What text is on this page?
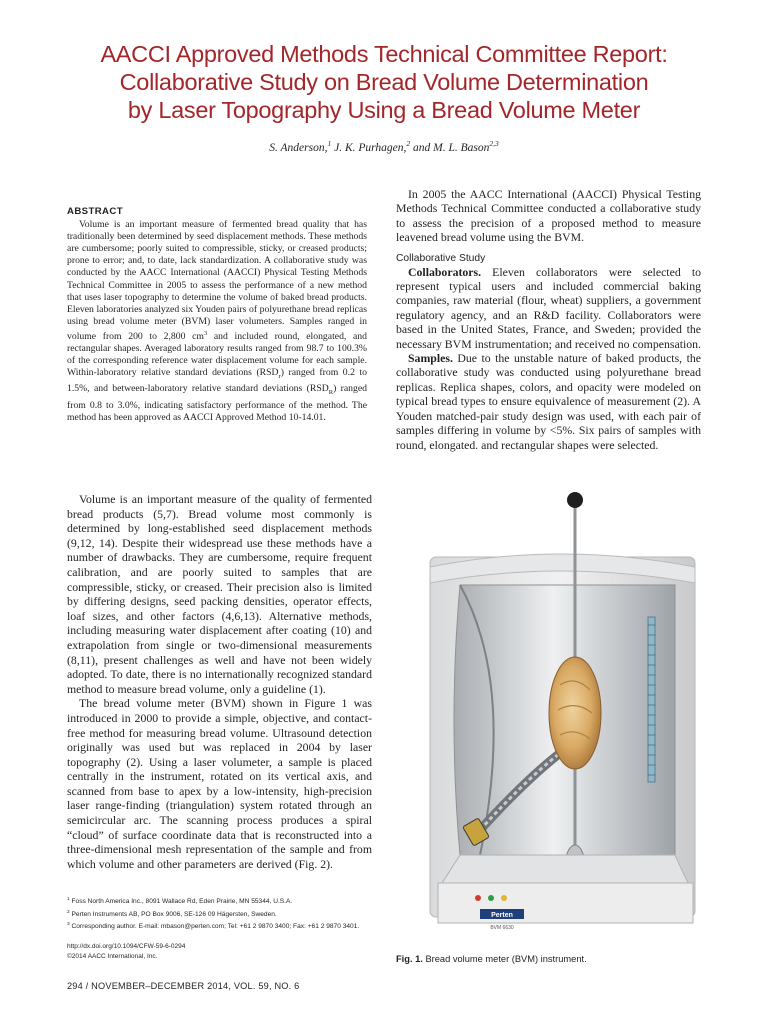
AACCI Approved Methods Technical Committee Report:
Collaborative Study on Bread Volume Determination
by Laser Topography Using a Bread Volume Meter
S. Anderson,$^1$ J. K. Purhagen,$^2$ and M. L. Bason$^{2,3}$
ABSTRACT
Volume is an important measure of fermented bread quality that has traditionally been determined by seed displacement methods. These methods are cumbersome; poorly suited to compressible, sticky, or creased products; prone to error; and, to date, lack standardization. A collaborative study was conducted by the AACC International (AACCI) Physical Testing Methods Technical Committee in 2005 to assess the performance of a new method that uses laser topography to determine the volume of baked bread products. Eleven laboratories analyzed six Youden pairs of polyurethane bread replicas using bread volume meter (BVM) laser volumeters. Samples ranged in volume from 200 to 2,800 $cm^3$ and included round, elongated, and rectangular shapes. Averaged laboratory results ranged from 98.7 to 100.3% of the corresponding reference water displacement volume for each sample. Within-laboratory relative standard deviations $(RSD_r)$ ranged from 0.2 to 1.5%, and between-laboratory relative standard deviations $(RSD_R)$ ranged from 0.8 to 3.0%, indicating satisfactory performance of the method. The method has been approved as AACCI Approved Method 10-14.01.

Volume is an important measure of the quality of fermented bread products (5,7). Bread volume most commonly is determined by long-established seed displacement methods (9,12, 14). Despite their widespread use these methods have a number of drawbacks. They are cumbersome, require frequent calibration, and are poorly suited to samples that are compressible, sticky, or creased. Their precision also is limited by differing designs, seed packing densities, operator effects, loaf sizes, and other factors (4,6,13). Alternative methods, including measuring water displacement after coating (10) and extrapolation from single or two-dimensional measurements (8,11), present challenges as well and have not been widely adopted. To date, there is no internationally recognized standard method to measure bread volume, only a guideline (1).

The bread volume meter (BVM) shown in Figure 1 was introduced in 2000 to provide a simple, objective, and contact-free method for measuring bread volume. Ultrasound detection originally was used but was replaced in 2004 by laser topography (2). Using a laser volumeter, a sample is placed centrally in the instrument, rotated on its vertical axis, and scanned from base to apex by a low-intensity, high-precision laser range-finding (triangulation) system rotated through an semicircular arc. The scanning process produces a spiral “cloud” of surface coordinate data that is reconstructed into a three-dimensional mesh representation of the sample and from which volume and other parameters are derived (Fig. 2).

In 2005 the AACC International (AACCI) Physical Testing Methods Technical Committee conducted a collaborative study to assess the precision of a proposed method to measure leavened bread volume using the BVM.

Collaborative Study

Collaborators. Eleven collaborators were selected to represent typical users and included commercial baking companies, raw material (flour, wheat) suppliers, a government regulatory agency, and an R&D facility. Collaborators were based in the United States, France, and Sweden; provided the necessary BVM instrumentation; and received no compensation.

Samples. Due to the unstable nature of baked products, the collaborative study was conducted using polyurethane bread replicas. Replica shapes, colors, and opacity were modeled on typical bread types to ensure equivalence of measurement (2). A Youden matched-pair study design was used, with each pair of samples differing in volume by <5%. Six pairs of samples with round, elongated. and rectangular shapes were selected.

Perten
BVM 6630
Fig. 1. Bread volume meter (BVM) instrument.
$^1$ Foss North America Inc., 8091 Wallace Rd, Eden Prairie, MN 55344, U.S.A.
$^2$ Perten Instruments AB, PO Box 9006, SE-126 09 Hägersten, Sweden.
$^3$ Corresponding author. E-mail: mbason@perten.com; Tel: +61 2 9870 3400; Fax: +61 2 9870 3401.
http://dx.doi.org/10.1094/CFW-59-6-0294
©2014 AACC International, Inc.
294 / NOVEMBER–DECEMBER 2014, VOL. 59, NO. 6
